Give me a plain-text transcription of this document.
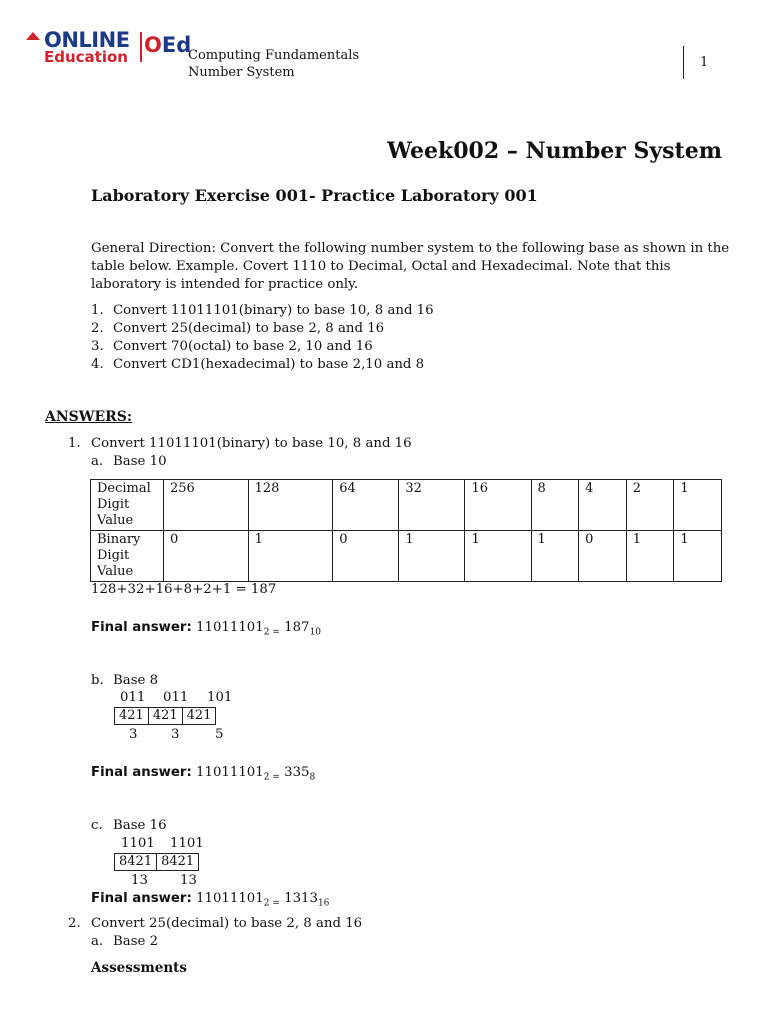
ONLINE
Education OEd
Computing Fundamentals
Number System
1
Week002 – Number System
Laboratory Exercise 001- Practice Laboratory 001
General Direction: Convert the following number system to the following base as shown in the table below. Example. Covert 1110 to Decimal, Octal and Hexadecimal. Note that this laboratory is intended for practice only.
1. Convert 11011101(binary) to base 10, 8 and 16
2. Convert 25(decimal) to base 2, 8 and 16
3. Convert 70(octal) to base 2, 10 and 16
4. Convert CD1(hexadecimal) to base 2,10 and 8
ANSWERS:
1. Convert 11011101(binary) to base 10, 8 and 16
a. Base 10
Decimal Digit Value	256	128	64	32	16	8	4	2	1
Binary Digit Value	0	1	0	1	1	1	0	1	1
128+32+16+8+2+1 = 187
Final answer: $11011101_{2 =}$ $187_{10}$
b. Base 8
011 011 101
421	421	421
3	3	5
Final answer: $11011101_{2 =}$ $335_8$
c. Base 16
1101 1101
8421	8421
13 13
Final answer: $11011101_{2 =}$ $1313_{16}$
2. Convert 25(decimal) to base 2, 8 and 16
a. Base 2
Assessments
